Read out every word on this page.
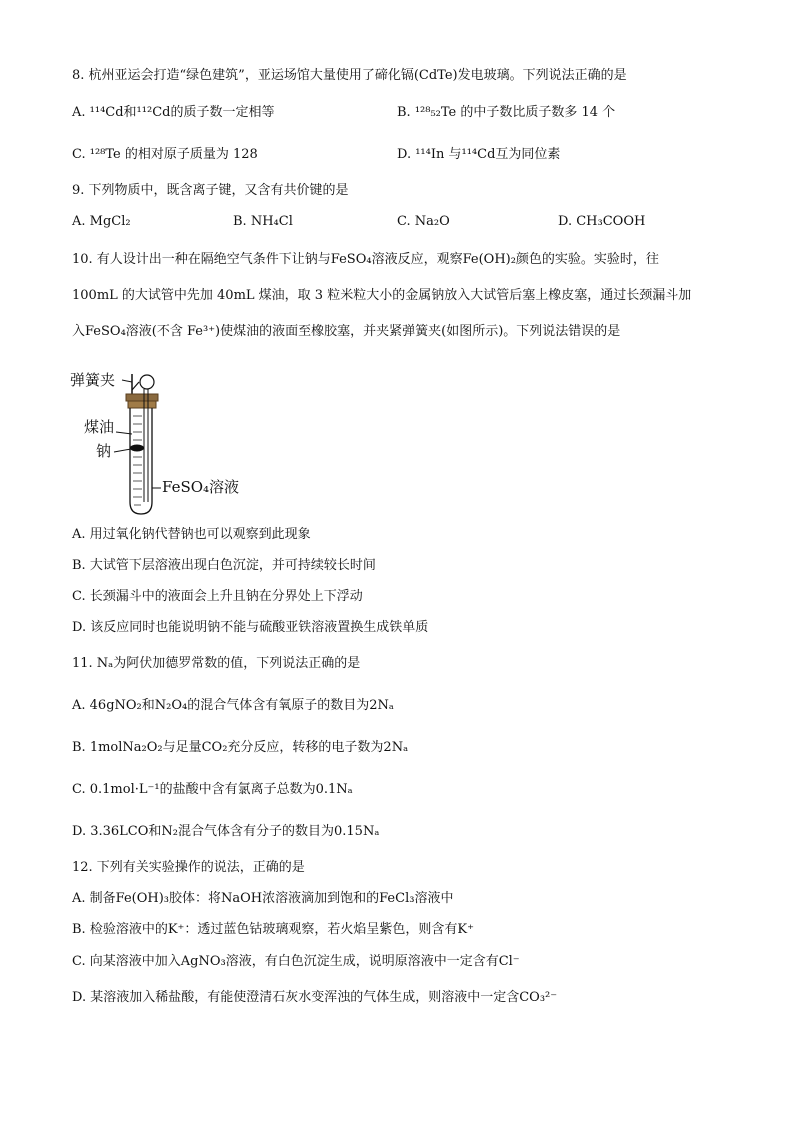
8. 杭州亚运会打造“绿色建筑”，亚运场馆大量使用了碲化镉(CdTe)发电玻璃。下列说法正确的是
A. ¹¹⁴Cd和¹¹²Cd的质子数一定相等	B. ¹²⁸₅₂Te 的中子数比质子数多 14 个
C. ¹²⁸Te 的相对原子质量为 128	D. ¹¹⁴In 与¹¹⁴Cd互为同位素
9. 下列物质中，既含离子键，又含有共价键的是
A. MgCl₂	B. NH₄Cl	C. Na₂O	D. CH₃COOH
10. 有人设计出一种在隔绝空气条件下让钠与FeSO₄溶液反应，观察Fe(OH)₂颜色的实验。实验时，往
100mL 的大试管中先加 40mL 煤油，取 3 粒米粒大小的金属钠放入大试管后塞上橡皮塞，通过长颈漏斗加
入FeSO₄溶液(不含 Fe³⁺)使煤油的液面至橡胶塞，并夹紧弹簧夹(如图所示)。下列说法错误的是
弹簧夹
煤油
钠
FeSO₄溶液
A. 用过氧化钠代替钠也可以观察到此现象
B. 大试管下层溶液出现白色沉淀，并可持续较长时间
C. 长颈漏斗中的液面会上升且钠在分界处上下浮动
D. 该反应同时也能说明钠不能与硫酸亚铁溶液置换生成铁单质
11. Nₐ为阿伏加德罗常数的值，下列说法正确的是
A. 46gNO₂和N₂O₄的混合气体含有氧原子的数目为2Nₐ
B. 1molNa₂O₂与足量CO₂充分反应，转移的电子数为2Nₐ
C. 0.1mol·L⁻¹的盐酸中含有氯离子总数为0.1Nₐ
D. 3.36LCO和N₂混合气体含有分子的数目为0.15Nₐ
12. 下列有关实验操作的说法，正确的是
A. 制备Fe(OH)₃胶体：将NaOH浓溶液滴加到饱和的FeCl₃溶液中
B. 检验溶液中的K⁺：透过蓝色钴玻璃观察，若火焰呈紫色，则含有K⁺
C. 向某溶液中加入AgNO₃溶液，有白色沉淀生成，说明原溶液中一定含有Cl⁻
D. 某溶液加入稀盐酸，有能使澄清石灰水变浑浊的气体生成，则溶液中一定含CO₃²⁻
